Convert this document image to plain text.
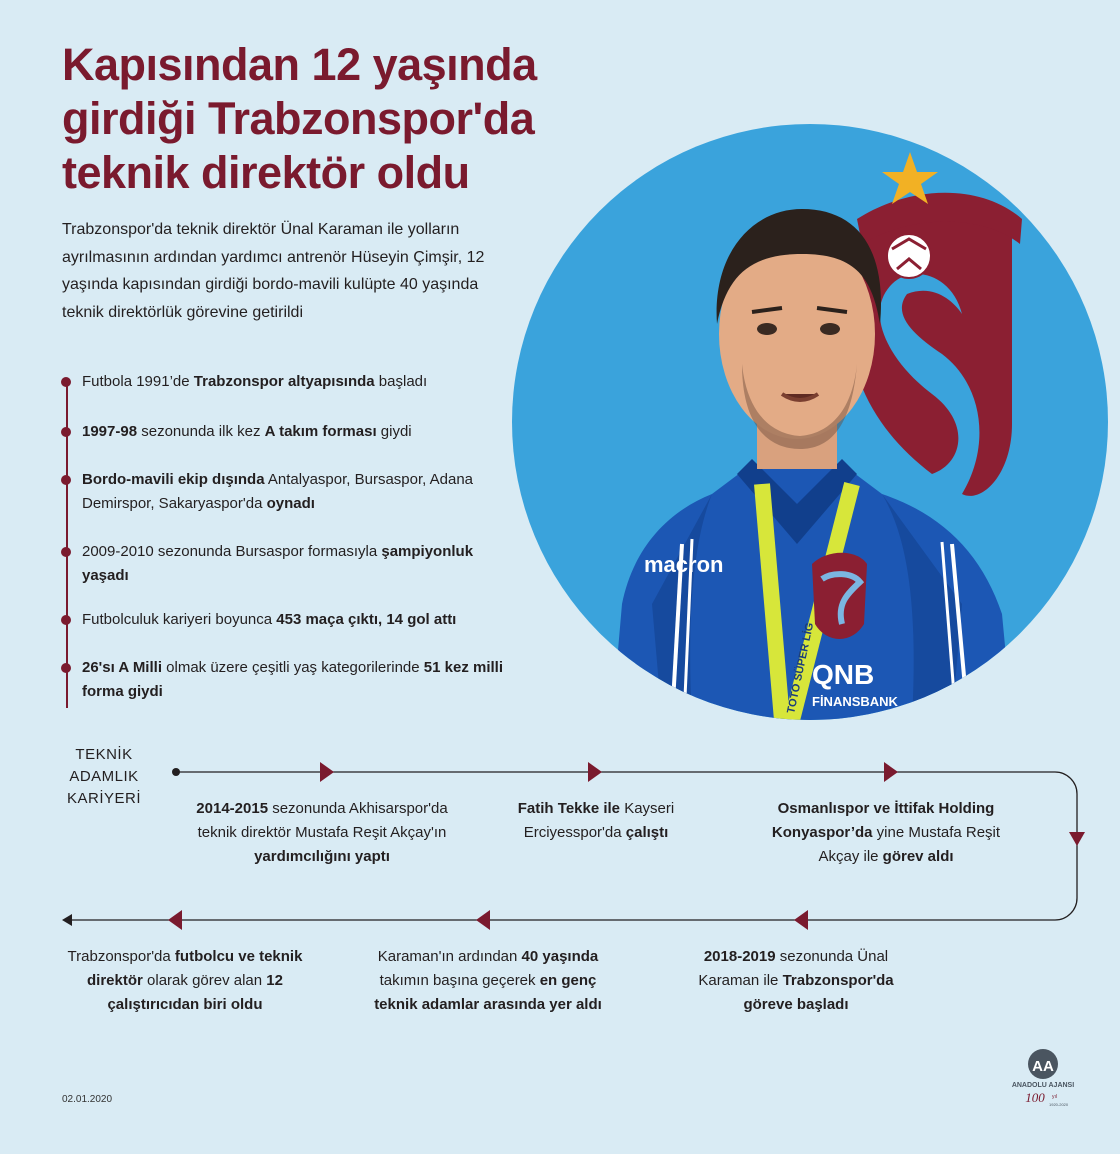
Kapısından 12 yaşında
girdiği Trabzonspor'da
teknik direktör oldu

Trabzonspor'da teknik direktör Ünal Karaman ile yolların ayrılmasının ardından yardımcı antrenör Hüseyin Çimşir, 12 yaşında kapısından girdiği bordo-mavili kulüpte 40 yaşında teknik direktörlük görevine getirildi

Futbola 1991’de Trabzonspor altyapısında başladı
1997-98 sezonunda ilk kez A takım forması giydi
Bordo-mavili ekip dışında Antalyaspor, Bursaspor, Adana Demirspor, Sakaryaspor'da oynadı
2009-2010 sezonunda Bursaspor formasıyla şampiyonluk yaşadı
Futbolculuk kariyeri boyunca 453 maça çıktı, 14 gol attı
26'sı A Milli olmak üzere çeşitli yaş kategorilerinde 51 kez milli forma giydi
macron
QNB
FİNANSBANK
TOTO SÜPER LİG
TEKNİK
ADAMLIK
KARİYERİ
2014-2015 sezonunda Akhisarspor'da teknik direktör Mustafa Reşit Akçay'ın yardımcılığını yaptı
Fatih Tekke ile Kayseri Erciyesspor'da çalıştı
Osmanlıspor ve İttifak Holding Konyaspor’da yine Mustafa Reşit Akçay ile görev aldı
2018-2019 sezonunda Ünal Karaman ile Trabzonspor'da göreve başladı
Karaman'ın ardından 40 yaşında takımın başına geçerek en genç teknik adamlar arasında yer aldı
Trabzonspor'da futbolcu ve teknik direktör olarak görev alan 12 çalıştırıcıdan biri oldu
02.01.2020
AA
ANADOLU AJANSI
100 yıl
1920-2020
